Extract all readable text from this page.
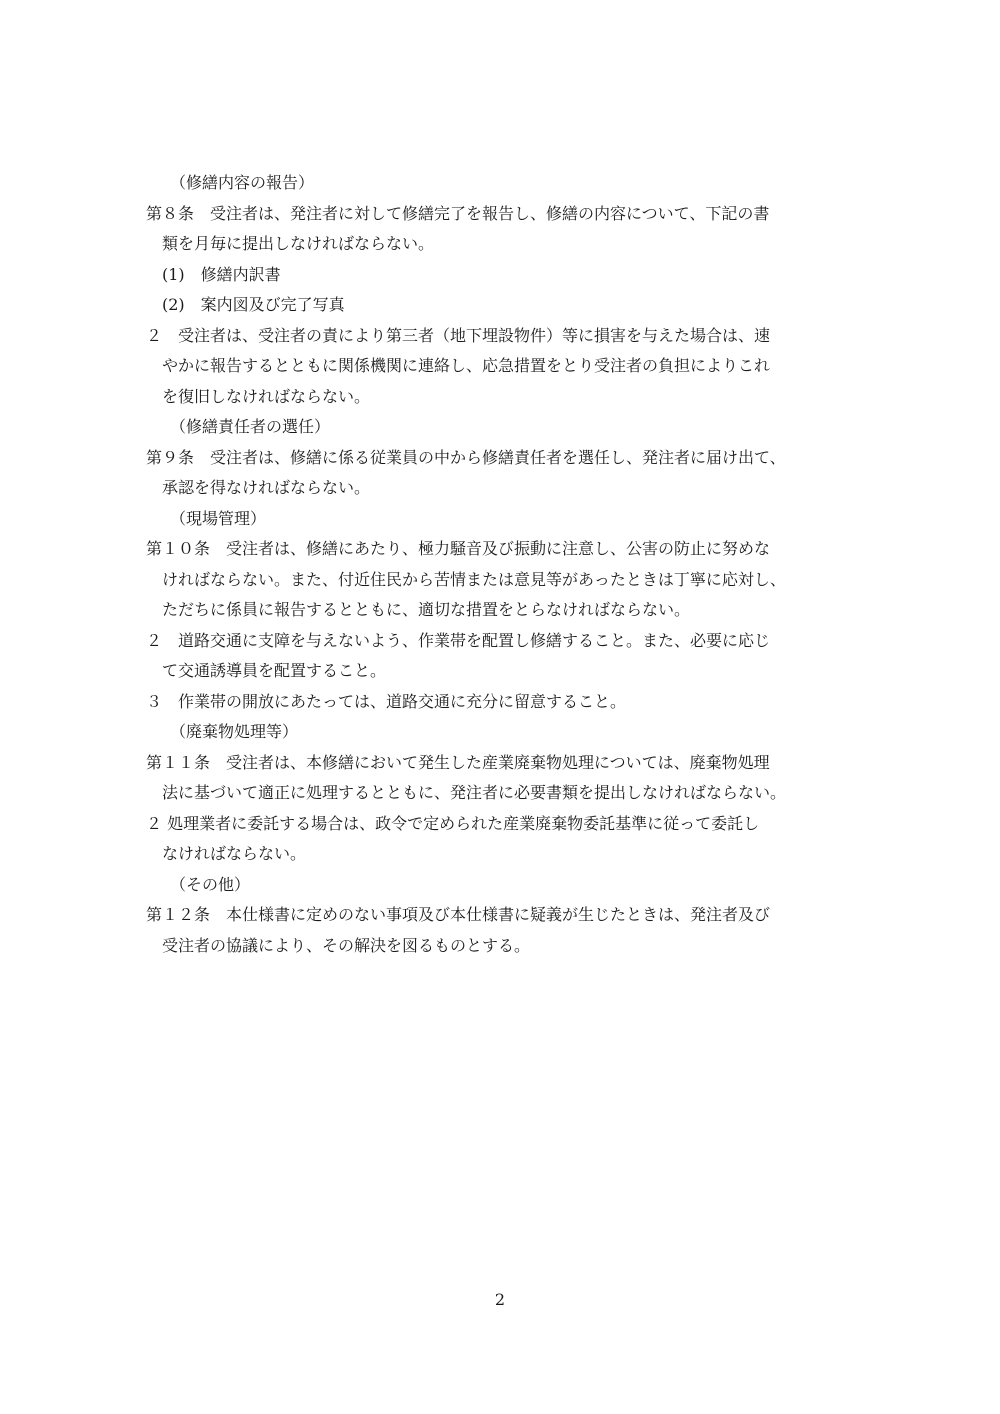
（修繕内容の報告）
第８条　受注者は、発注者に対して修繕完了を報告し、修繕の内容について、下記の書
類を月毎に提出しなければならない。
(1)　修繕内訳書
(2)　案内図及び完了写真
２　受注者は、受注者の責により第三者（地下埋設物件）等に損害を与えた場合は、速
やかに報告するとともに関係機関に連絡し、応急措置をとり受注者の負担によりこれ
を復旧しなければならない。
（修繕責任者の選任）
第９条　受注者は、修繕に係る従業員の中から修繕責任者を選任し、発注者に届け出て、
承認を得なければならない。
（現場管理）
第１０条　受注者は、修繕にあたり、極力騒音及び振動に注意し、公害の防止に努めな
ければならない。また、付近住民から苦情または意見等があったときは丁寧に応対し、
ただちに係員に報告するとともに、適切な措置をとらなければならない。
２　道路交通に支障を与えないよう、作業帯を配置し修繕すること。また、必要に応じ
て交通誘導員を配置すること。
３　作業帯の開放にあたっては、道路交通に充分に留意すること。
（廃棄物処理等）
第１１条　受注者は、本修繕において発生した産業廃棄物処理については、廃棄物処理
法に基づいて適正に処理するとともに、発注者に必要書類を提出しなければならない。
２ 処理業者に委託する場合は、政令で定められた産業廃棄物委託基準に従って委託し
なければならない。
（その他）
第１２条　本仕様書に定めのない事項及び本仕様書に疑義が生じたときは、発注者及び
受注者の協議により、その解決を図るものとする。
2
